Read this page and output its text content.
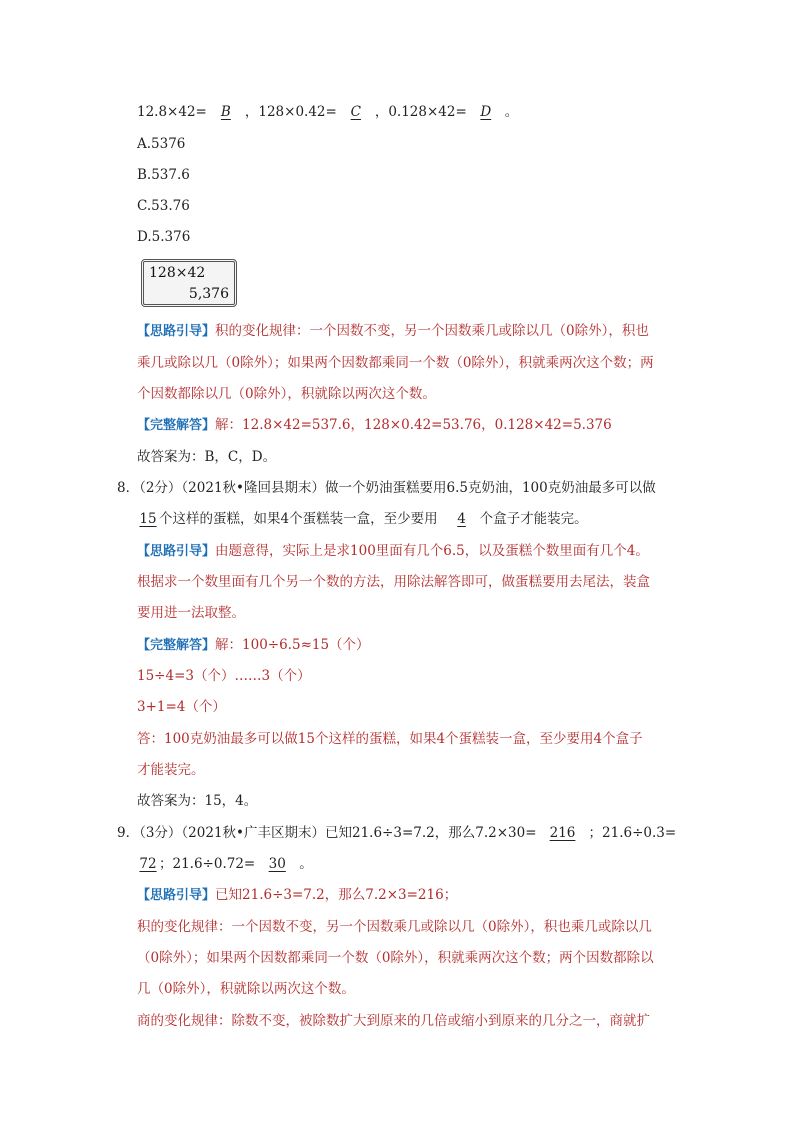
12.8×42= B ，128×0.42= C ，0.128×42= D 。
A.5376
B.537.6
C.53.76
D.5.376
128×42
5,376
【思路引导】积的变化规律：一个因数不变，另一个因数乘几或除以几（0除外），积也
乘几或除以几（0除外）；如果两个因数都乘同一个数（0除外），积就乘两次这个数；两
个因数都除以几（0除外），积就除以两次这个数。
【完整解答】解：12.8×42=537.6，128×0.42=53.76，0.128×42=5.376
故答案为：B，C，D。
8．（2分）（2021秋•隆回县期末）做一个奶油蛋糕要用6.5克奶油，100克奶油最多可以做
15 个这样的蛋糕，如果4个蛋糕装一盒，至少要用 4 个盒子才能装完。
【思路引导】由题意得，实际上是求100里面有几个6.5，以及蛋糕个数里面有几个4。
根据求一个数里面有几个另一个数的方法，用除法解答即可，做蛋糕要用去尾法，装盒
要用进一法取整。
【完整解答】解：100÷6.5≈15（个）
15÷4=3（个）……3（个）
3+1=4（个）
答：100克奶油最多可以做15个这样的蛋糕，如果4个蛋糕装一盒，至少要用4个盒子
才能装完。
故答案为：15，4。
9．（3分）（2021秋•广丰区期末）已知21.6÷3=7.2，那么7.2×30= 216 ；21.6÷0.3=
72 ；21.6÷0.72= 30 。
【思路引导】已知21.6÷3=7.2，那么7.2×3=216；
积的变化规律：一个因数不变，另一个因数乘几或除以几（0除外），积也乘几或除以几
（0除外）；如果两个因数都乘同一个数（0除外），积就乘两次这个数；两个因数都除以
几（0除外），积就除以两次这个数。
商的变化规律：除数不变，被除数扩大到原来的几倍或缩小到原来的几分之一，商就扩
